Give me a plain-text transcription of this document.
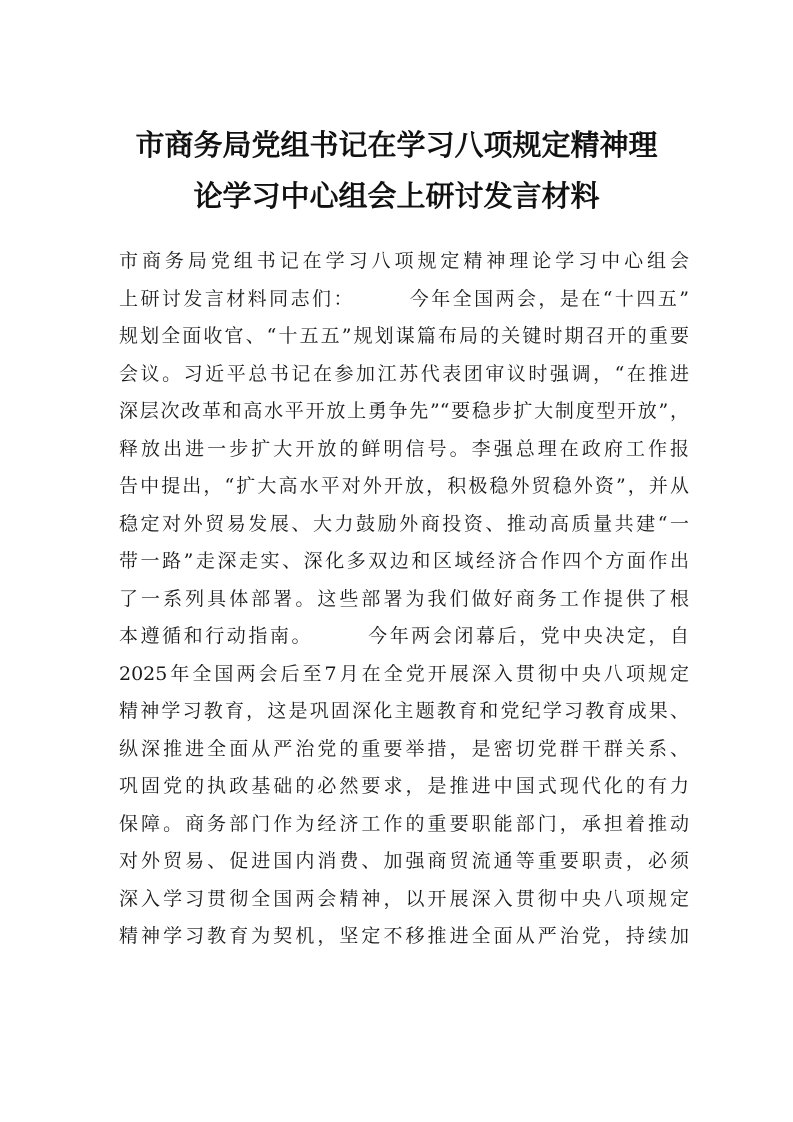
市商务局党组书记在学习八项规定精神理
论学习中心组会上研讨发言材料
市商务局党组书记在学习八项规定精神理论学习中心组会
上研讨发言材料同志们：　　　今年全国两会，是在“十四五”
规划全面收官、“十五五”规划谋篇布局的关键时期召开的重要
会议。习近平总书记在参加江苏代表团审议时强调，“在推进
深层次改革和高水平开放上勇争先”“要稳步扩大制度型开放”，
释放出进一步扩大开放的鲜明信号。李强总理在政府工作报
告中提出，“扩大高水平对外开放，积极稳外贸稳外资”，并从
稳定对外贸易发展、大力鼓励外商投资、推动高质量共建“一
带一路”走深走实、深化多双边和区域经济合作四个方面作出
了一系列具体部署。这些部署为我们做好商务工作提供了根
本遵循和行动指南。　　　今年两会闭幕后，党中央决定，自
2025年全国两会后至7月在全党开展深入贯彻中央八项规定
精神学习教育，这是巩固深化主题教育和党纪学习教育成果、
纵深推进全面从严治党的重要举措，是密切党群干群关系、
巩固党的执政基础的必然要求，是推进中国式现代化的有力
保障。商务部门作为经济工作的重要职能部门，承担着推动
对外贸易、促进国内消费、加强商贸流通等重要职责，必须
深入学习贯彻全国两会精神，以开展深入贯彻中央八项规定
精神学习教育为契机，坚定不移推进全面从严治党，持续加
